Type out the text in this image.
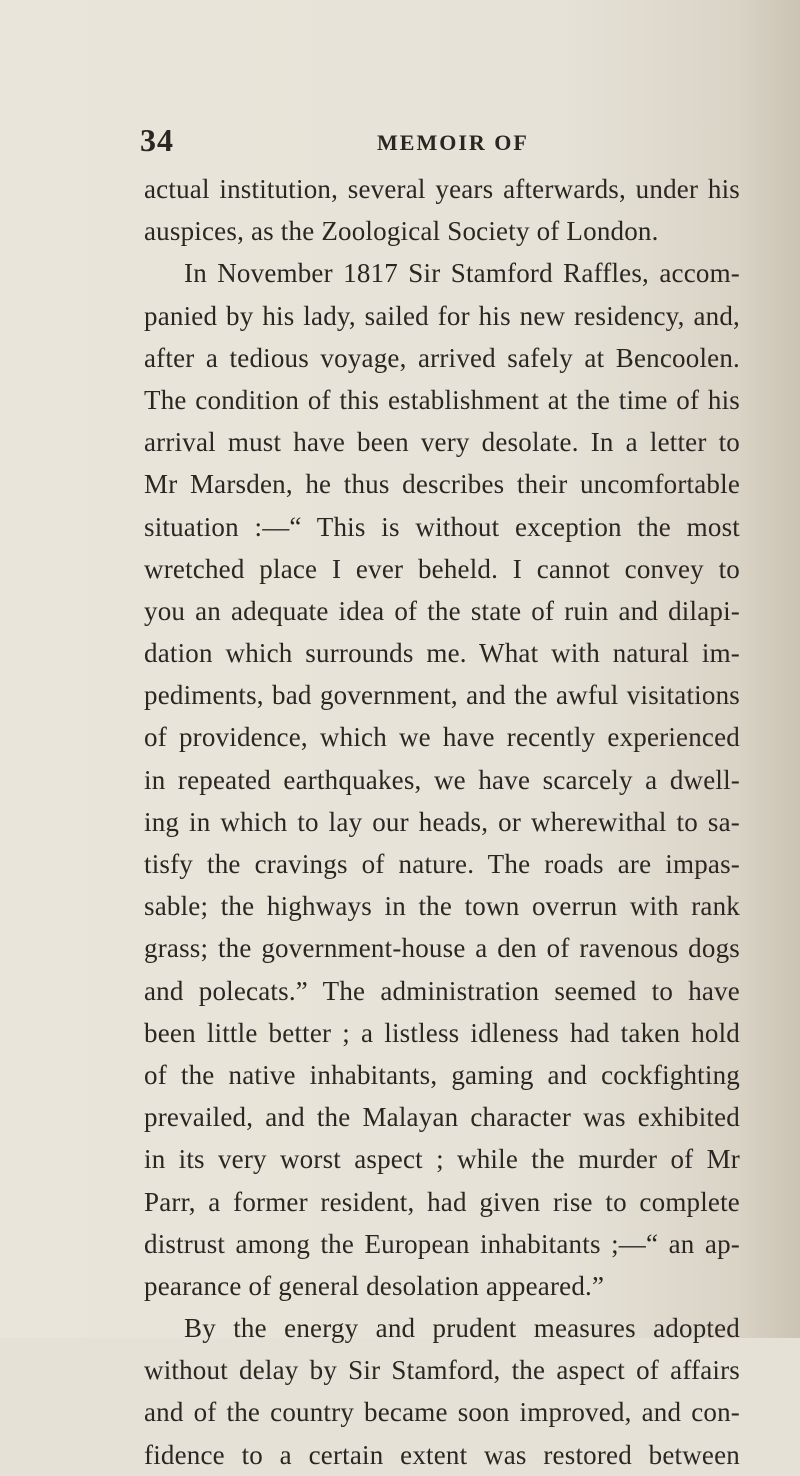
34	MEMOIR OF
actual institution, several years afterwards, under his
auspices, as the Zoological Society of London.
In November 1817 Sir Stamford Raffles, accom-
panied by his lady, sailed for his new residency, and,
after a tedious voyage, arrived safely at Bencoolen.
The condition of this establishment at the time of his
arrival must have been very desolate. In a letter to
Mr Marsden, he thus describes their uncomfortable
situation :—“ This is without exception the most
wretched place I ever beheld. I cannot convey to
you an adequate idea of the state of ruin and dilapi-
dation which surrounds me. What with natural im-
pediments, bad government, and the awful visitations
of providence, which we have recently experienced
in repeated earthquakes, we have scarcely a dwell-
ing in which to lay our heads, or wherewithal to sa-
tisfy the cravings of nature. The roads are impas-
sable; the highways in the town overrun with rank
grass; the government-house a den of ravenous dogs
and polecats.” The administration seemed to have
been little better ; a listless idleness had taken hold
of the native inhabitants, gaming and cockfighting
prevailed, and the Malayan character was exhibited
in its very worst aspect ; while the murder of Mr
Parr, a former resident, had given rise to complete
distrust among the European inhabitants ;—“ an ap-
pearance of general desolation appeared.”
By the energy and prudent measures adopted
without delay by Sir Stamford, the aspect of affairs
and of the country became soon improved, and con-
fidence to a certain extent was restored between
